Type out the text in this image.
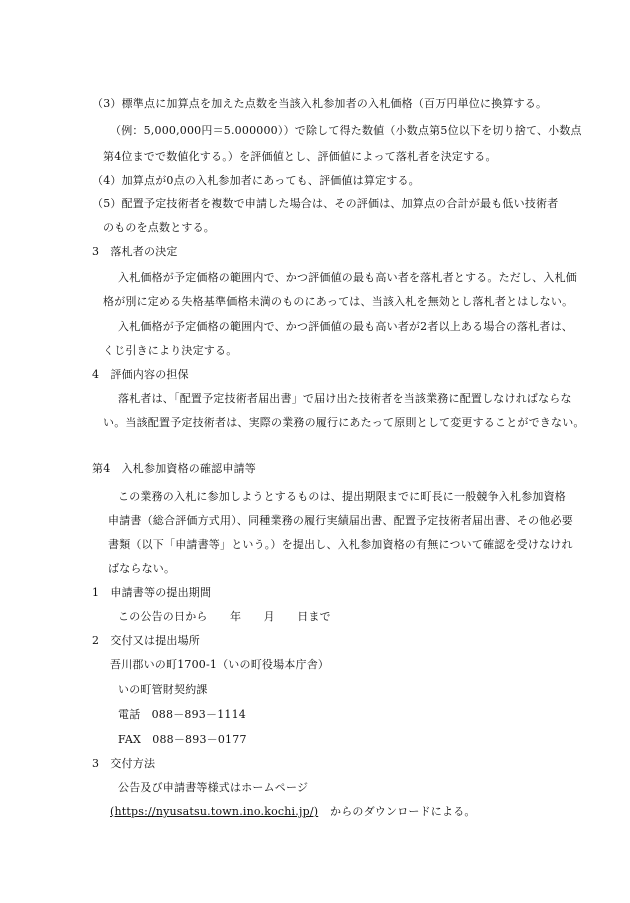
（3）標準点に加算点を加えた点数を当該入札参加者の入札価格（百万円単位に換算する。
（例：5,000,000円＝5.000000））で除して得た数値（小数点第5位以下を切り捨て、小数点
第4位までで数値化する。）を評価値とし、評価値によって落札者を決定する。
（4）加算点が0点の入札参加者にあっても、評価値は算定する。
（5）配置予定技術者を複数で申請した場合は、その評価は、加算点の合計が最も低い技術者
のものを点数とする。
3　落札者の決定
入札価格が予定価格の範囲内で、かつ評価値の最も高い者を落札者とする。ただし、入札価
格が別に定める失格基準価格未満のものにあっては、当該入札を無効とし落札者とはしない。
入札価格が予定価格の範囲内で、かつ評価値の最も高い者が2者以上ある場合の落札者は、
くじ引きにより決定する。
4　評価内容の担保
落札者は、「配置予定技術者届出書」で届け出た技術者を当該業務に配置しなければならな
い。当該配置予定技術者は、実際の業務の履行にあたって原則として変更することができない。
第4　入札参加資格の確認申請等
この業務の入札に参加しようとするものは、提出期限までに町長に一般競争入札参加資格
申請書（総合評価方式用）、同種業務の履行実績届出書、配置予定技術者届出書、その他必要
書類（以下「申請書等」という。）を提出し、入札参加資格の有無について確認を受けなけれ
ばならない。
1　申請書等の提出期間
この公告の日から　　年　　月　　日まで
2　交付又は提出場所
吾川郡いの町1700-1（いの町役場本庁舎）
いの町管財契約課
電話　088－893－1114
FAX　088－893－0177
3　交付方法
公告及び申請書等様式はホームページ
(https://nyusatsu.town.ino.kochi.jp/) からのダウンロードによる。
